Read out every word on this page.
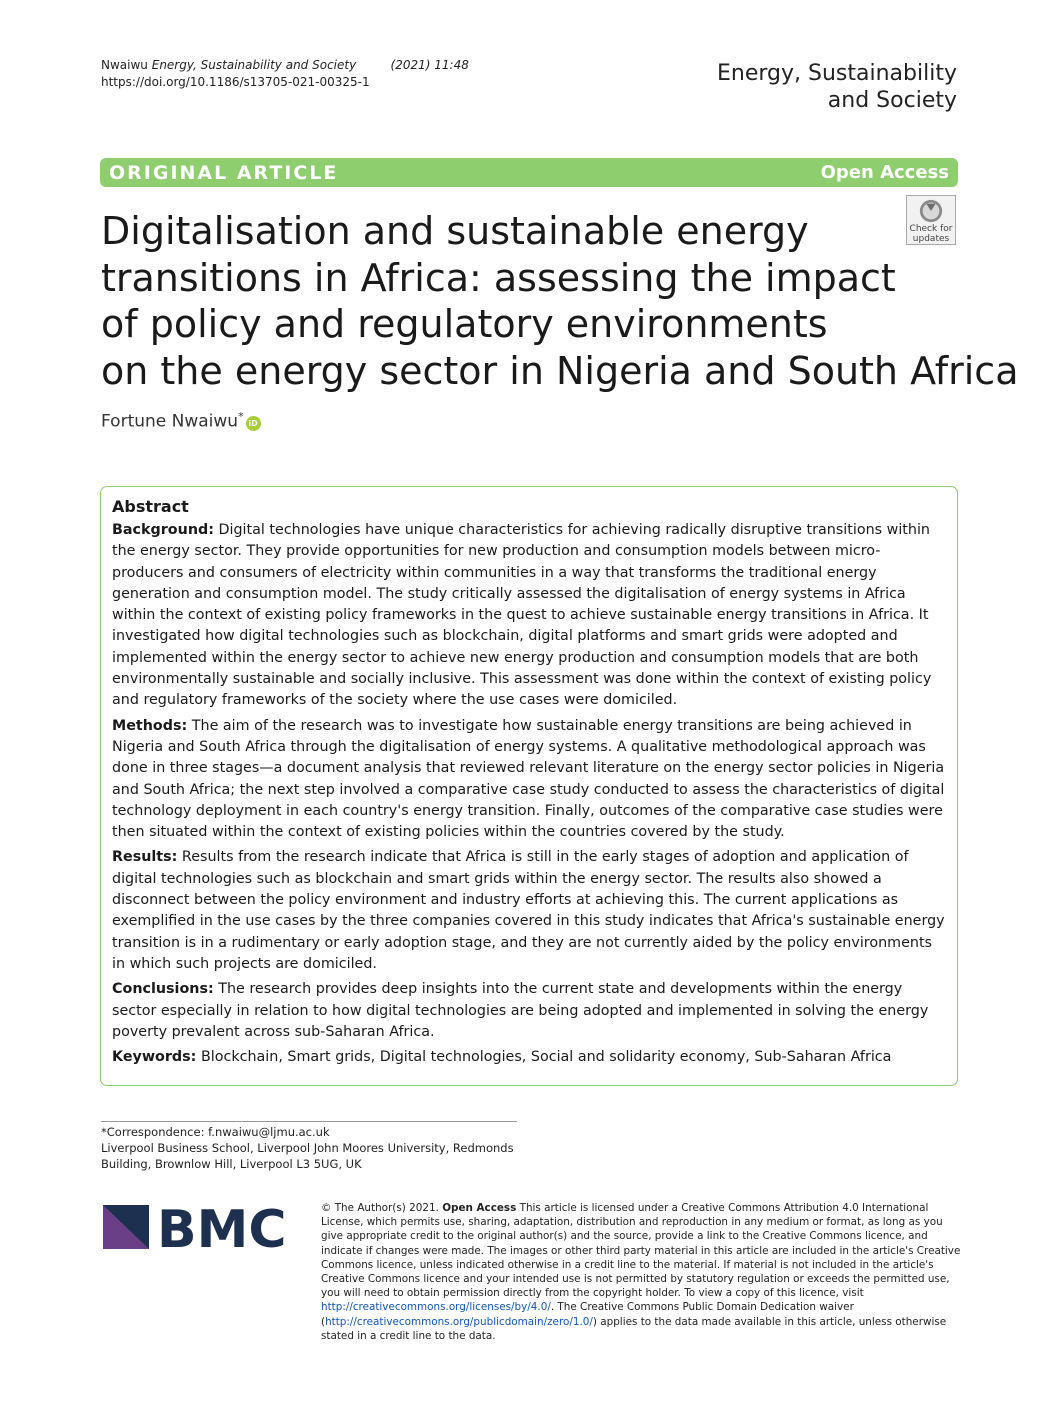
Nwaiwu Energy, Sustainability and Society	(2021) 11:48
https://doi.org/10.1186/s13705-021-00325-1	Energy, Sustainability
and Society
ORIGINAL ARTICLE	Open Access
Check for
updates
Digitalisation and sustainable energy
transitions in Africa: assessing the impact
of policy and regulatory environments
on the energy sector in Nigeria and South Africa
Fortune Nwaiwu*iD
Abstract

Background: Digital technologies have unique characteristics for achieving radically disruptive transitions within the energy sector. They provide opportunities for new production and consumption models between micro-producers and consumers of electricity within communities in a way that transforms the traditional energy generation and consumption model. The study critically assessed the digitalisation of energy systems in Africa within the context of existing policy frameworks in the quest to achieve sustainable energy transitions in Africa. It investigated how digital technologies such as blockchain, digital platforms and smart grids were adopted and implemented within the energy sector to achieve new energy production and consumption models that are both environmentally sustainable and socially inclusive. This assessment was done within the context of existing policy and regulatory frameworks of the society where the use cases were domiciled.

Methods: The aim of the research was to investigate how sustainable energy transitions are being achieved in Nigeria and South Africa through the digitalisation of energy systems. A qualitative methodological approach was done in three stages—a document analysis that reviewed relevant literature on the energy sector policies in Nigeria and South Africa; the next step involved a comparative case study conducted to assess the characteristics of digital technology deployment in each country's energy transition. Finally, outcomes of the comparative case studies were then situated within the context of existing policies within the countries covered by the study.

Results: Results from the research indicate that Africa is still in the early stages of adoption and application of digital technologies such as blockchain and smart grids within the energy sector. The results also showed a disconnect between the policy environment and industry efforts at achieving this. The current applications as exemplified in the use cases by the three companies covered in this study indicates that Africa's sustainable energy transition is in a rudimentary or early adoption stage, and they are not currently aided by the policy environments in which such projects are domiciled.

Conclusions: The research provides deep insights into the current state and developments within the energy sector especially in relation to how digital technologies are being adopted and implemented in solving the energy poverty prevalent across sub-Saharan Africa.

Keywords: Blockchain, Smart grids, Digital technologies, Social and solidarity economy, Sub-Saharan Africa

*Correspondence: f.nwaiwu@ljmu.ac.uk
Liverpool Business School, Liverpool John Moores University, Redmonds
Building, Brownlow Hill, Liverpool L3 5UG, UK
BMC	© The Author(s) 2021. Open Access This article is licensed under a Creative Commons Attribution 4.0 International License, which permits use, sharing, adaptation, distribution and reproduction in any medium or format, as long as you give appropriate credit to the original author(s) and the source, provide a link to the Creative Commons licence, and indicate if changes were made. The images or other third party material in this article are included in the article's Creative Commons licence, unless indicated otherwise in a credit line to the material. If material is not included in the article's Creative Commons licence and your intended use is not permitted by statutory regulation or exceeds the permitted use, you will need to obtain permission directly from the copyright holder. To view a copy of this licence, visit http://creativecommons.org/licenses/by/4.0/. The Creative Commons Public Domain Dedication waiver (http://creativecommons.org/publicdomain/zero/1.0/) applies to the data made available in this article, unless otherwise stated in a credit line to the data.
